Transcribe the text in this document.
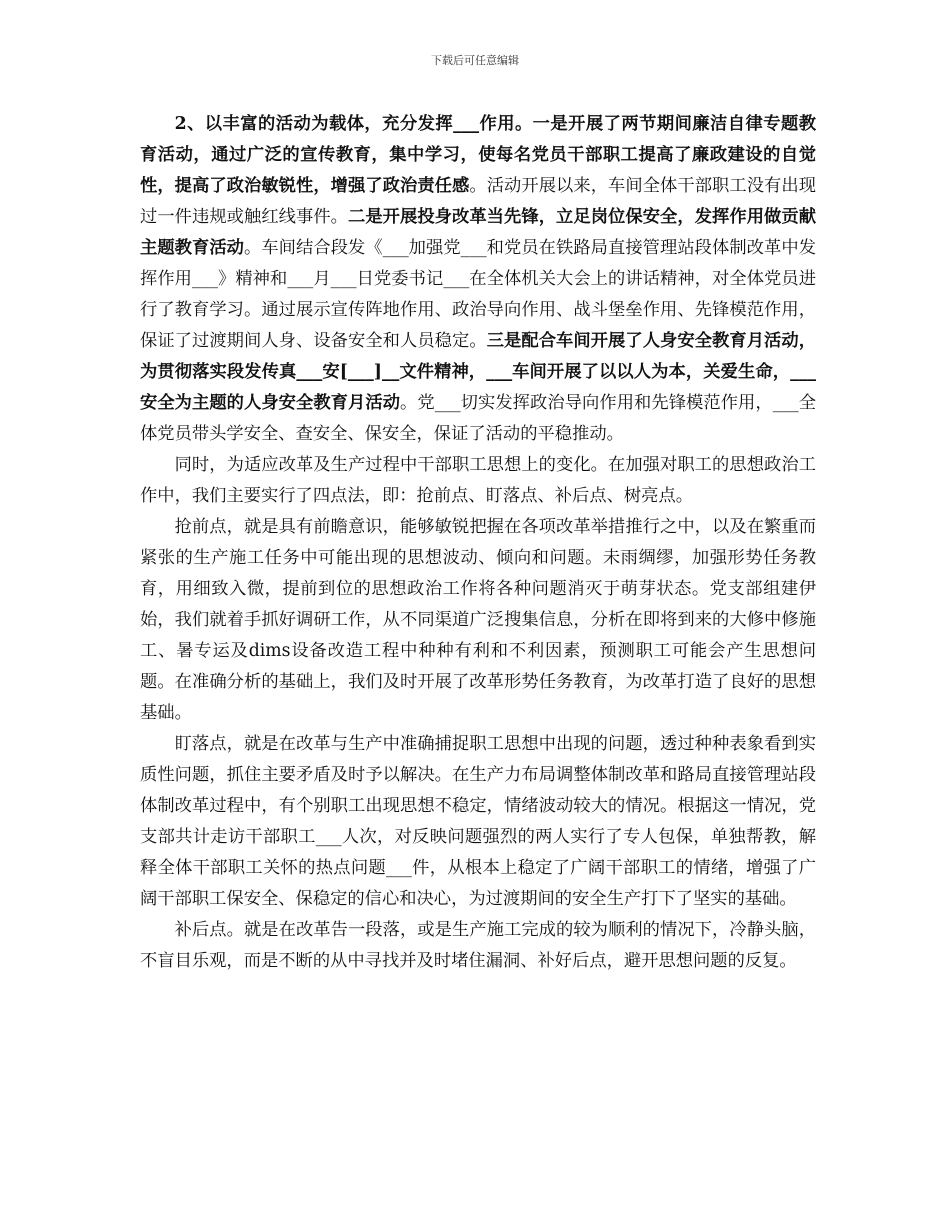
下载后可任意编辑

2、以丰富的活动为载体，充分发挥___作用。一是开展了两节期间廉洁自律专题教育活动，通过广泛的宣传教育，集中学习，使每名党员干部职工提高了廉政建设的自觉性，提高了政治敏锐性，增强了政治责任感。活动开展以来，车间全体干部职工没有出现过一件违规或触红线事件。二是开展投身改革当先锋，立足岗位保安全，发挥作用做贡献主题教育活动。车间结合段发《___加强党___和党员在铁路局直接管理站段体制改革中发挥作用___》精神和___月___日党委书记___在全体机关大会上的讲话精神，对全体党员进行了教育学习。通过展示宣传阵地作用、政治导向作用、战斗堡垒作用、先锋模范作用，保证了过渡期间人身、设备安全和人员稳定。三是配合车间开展了人身安全教育月活动，为贯彻落实段发传真___安[___]__文件精神，___车间开展了以以人为本，关爱生命，___安全为主题的人身安全教育月活动。党___切实发挥政治导向作用和先锋模范作用，___全体党员带头学安全、查安全、保安全，保证了活动的平稳推动。

同时，为适应改革及生产过程中干部职工思想上的变化。在加强对职工的思想政治工作中，我们主要实行了四点法，即：抢前点、盯落点、补后点、树亮点。

抢前点，就是具有前瞻意识，能够敏锐把握在各项改革举措推行之中，以及在繁重而紧张的生产施工任务中可能出现的思想波动、倾向和问题。未雨绸缪，加强形势任务教育，用细致入微，提前到位的思想政治工作将各种问题消灭于萌芽状态。党支部组建伊始，我们就着手抓好调研工作，从不同渠道广泛搜集信息，分析在即将到来的大修中修施工、暑专运及dims设备改造工程中种种有利和不利因素，预测职工可能会产生思想问题。在准确分析的基础上，我们及时开展了改革形势任务教育，为改革打造了良好的思想基础。

盯落点，就是在改革与生产中准确捕捉职工思想中出现的问题，透过种种表象看到实质性问题，抓住主要矛盾及时予以解决。在生产力布局调整体制改革和路局直接管理站段体制改革过程中，有个别职工出现思想不稳定，情绪波动较大的情况。根据这一情况，党支部共计走访干部职工___人次，对反映问题强烈的两人实行了专人包保，单独帮教，解释全体干部职工关怀的热点问题___件，从根本上稳定了广阔干部职工的情绪，增强了广阔干部职工保安全、保稳定的信心和决心，为过渡期间的安全生产打下了坚实的基础。

补后点。就是在改革告一段落，或是生产施工完成的较为顺利的情况下，冷静头脑，不盲目乐观，而是不断的从中寻找并及时堵住漏洞、补好后点，避开思想问题的反复。
